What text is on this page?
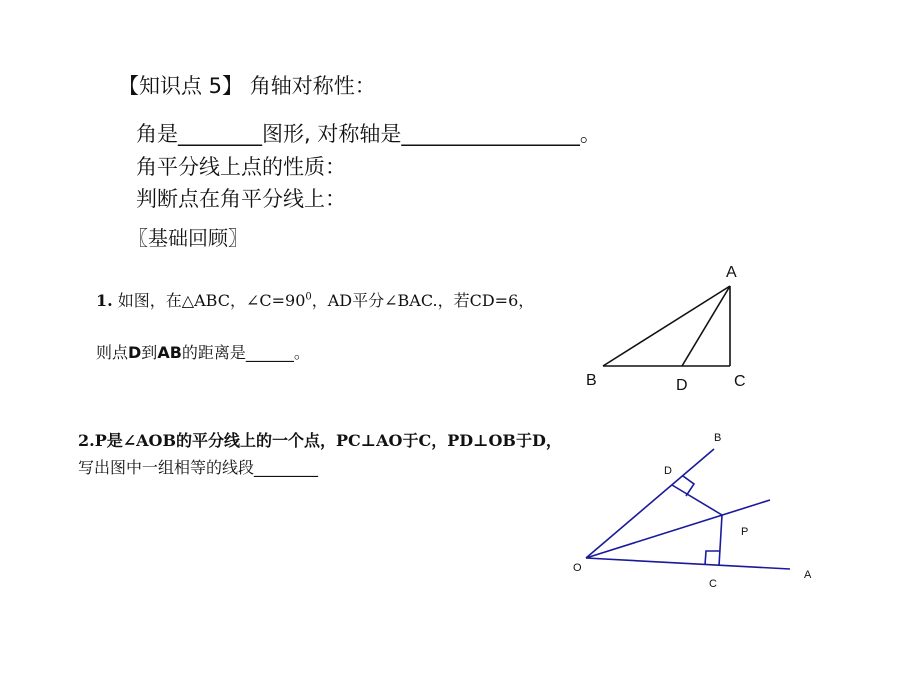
【知识点 5】 角轴对称性：
角是________图形, 对称轴是_________________。
角平分线上点的性质：
判断点在角平分线上：
〖基础回顾〗
1. 如图，在△ABC，$\angle C=90^0$，AD平分∠BAC.，若CD=6，
则点D到AB的距离是______。
2.P是∠AOB的平分线上的一个点，PC⊥AO于C，PD⊥OB于D，
写出图中一组相等的线段________
A
B	D	C
O
A
B
C
D
P
